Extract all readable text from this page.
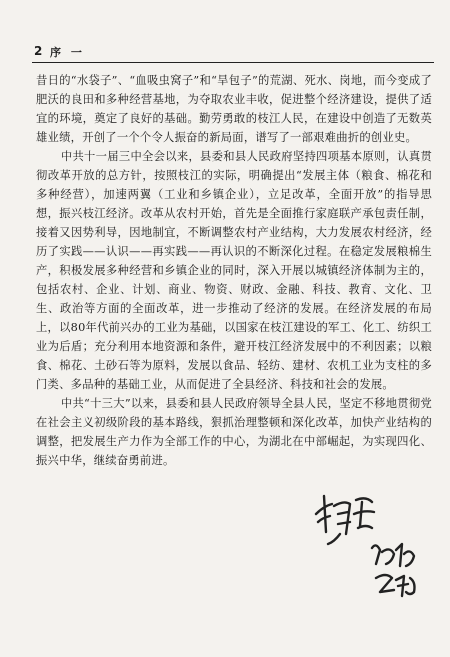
2 序 一

昔日的“水袋子”、“血吸虫窝子”和“旱包子”的荒湖、死水、岗地，而今变成了肥沃的良田和多种经营基地，为夺取农业丰收，促进整个经济建设，提供了适宜的环境，奠定了良好的基础。勤劳勇敢的枝江人民，在建设中创造了无数英雄业绩，开创了一个个令人振奋的新局面，谱写了一部艰难曲折的创业史。

中共十一届三中全会以来，县委和县人民政府坚持四项基本原则，认真贯彻改革开放的总方针，按照枝江的实际，明确提出“发展主体（粮食、棉花和多种经营），加速两翼（工业和乡镇企业），立足改革，全面开放”的指导思想，振兴枝江经济。改革从农村开始，首先是全面推行家庭联产承包责任制，接着又因势利导，因地制宜，不断调整农村产业结构，大力发展农村经济，经历了实践——认识——再实践——再认识的不断深化过程。在稳定发展粮棉生产，积极发展多种经营和乡镇企业的同时，深入开展以城镇经济体制为主的，包括农村、企业、计划、商业、物资、财政、金融、科技、教育、文化、卫生、政治等方面的全面改革，进一步推动了经济的发展。在经济发展的布局上，以80年代前兴办的工业为基础，以国家在枝江建设的军工、化工、纺织工业为后盾；充分利用本地资源和条件，避开枝江经济发展中的不利因素；以粮食、棉花、土砂石等为原料，发展以食品、轻纺、建材、农机工业为支柱的多门类、多品种的基础工业，从而促进了全县经济、科技和社会的发展。

中共“十三大”以来，县委和县人民政府领导全县人民，坚定不移地贯彻党在社会主义初级阶段的基本路线，狠抓治理整顿和深化改革，加快产业结构的调整，把发展生产力作为全部工作的中心，为湖北在中部崛起，为实现四化、振兴中华，继续奋勇前进。
